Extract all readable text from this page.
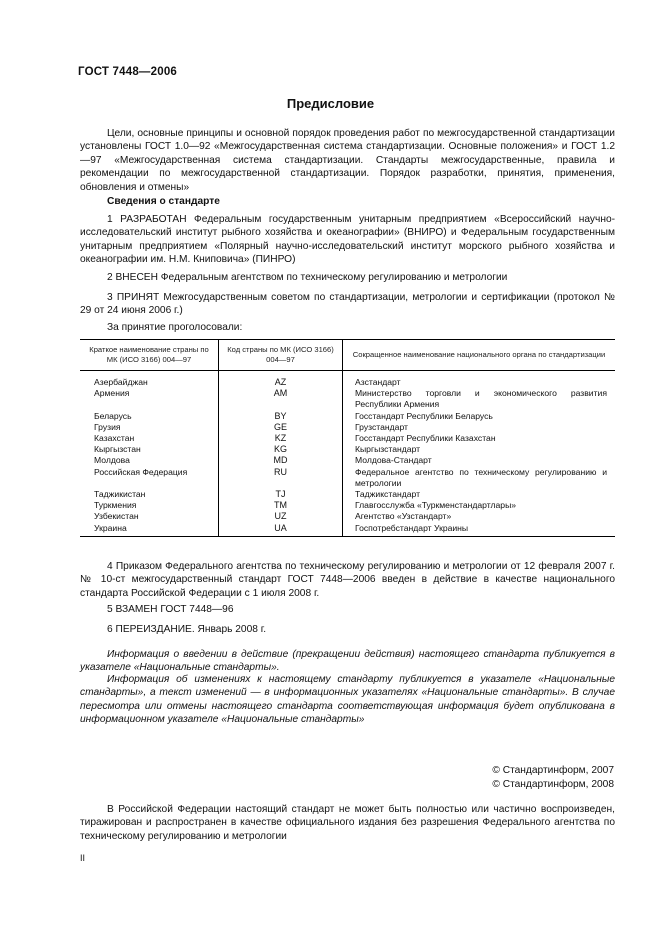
ГОСТ 7448—2006
Предисловие
Цели, основные принципы и основной порядок проведения работ по межгосударственной стандартизации установлены ГОСТ 1.0—92 «Межгосударственная система стандартизации. Основные положения» и ГОСТ 1.2—97 «Межгосударственная система стандартизации. Стандарты межгосударственные, правила и рекомендации по межгосударственной стандартизации. Порядок разработки, принятия, применения, обновления и отмены»
Сведения о стандарте
1 РАЗРАБОТАН Федеральным государственным унитарным предприятием «Всероссийский научно-исследовательский институт рыбного хозяйства и океанографии» (ВНИРО) и Федеральным государственным унитарным предприятием «Полярный научно-исследовательский институт морского рыбного хозяйства и океанографии им. Н.М. Книповича» (ПИНРО)
2 ВНЕСЕН Федеральным агентством по техническому регулированию и метрологии
3 ПРИНЯТ Межгосударственным советом по стандартизации, метрологии и сертификации (протокол № 29 от 24 июня 2006 г.)
За принятие проголосовали:
Краткое наименование страны по МК (ИСО 3166) 004—97	Код страны по МК (ИСО 3166) 004—97	Сокращенное наименование национального органа по стандартизации
Азербайджан	AZ	Азстандарт
Армения	AM	Министерство торговли и экономического развития Республики Армения
Беларусь	BY	Госстандарт Республики Беларусь
Грузия	GE	Грузстандарт
Казахстан	KZ	Госстандарт Республики Казахстан
Кыргызстан	KG	Кыргызстандарт
Молдова	MD	Молдова-Стандарт
Российская Федерация	RU	Федеральное агентство по техническому регулированию и метрологии
Таджикистан	TJ	Таджикстандарт
Туркмения	TM	Главгосслужба «Туркменстандартлары»
Узбекистан	UZ	Агентство «Узстандарт»
Украина	UA	Госпотребстандарт Украины
4 Приказом Федерального агентства по техническому регулированию и метрологии от 12 февраля 2007 г. № 10-ст межгосударственный стандарт ГОСТ 7448—2006 введен в действие в качестве национального стандарта Российской Федерации с 1 июля 2008 г.
5 ВЗАМЕН ГОСТ 7448—96
6 ПЕРЕИЗДАНИЕ. Январь 2008 г.
Информация о введении в действие (прекращении действия) настоящего стандарта публикуется в указателе «Национальные стандарты».
Информация об изменениях к настоящему стандарту публикуется в указателе «Национальные стандарты», а текст изменений — в информационных указателях «Национальные стандарты». В случае пересмотра или отмены настоящего стандарта соответствующая информация будет опубликована в информационном указателе «Национальные стандарты»
© Стандартинформ, 2007
© Стандартинформ, 2008
В Российской Федерации настоящий стандарт не может быть полностью или частично воспроизведен, тиражирован и распространен в качестве официального издания без разрешения Федерального агентства по техническому регулированию и метрологии
II
